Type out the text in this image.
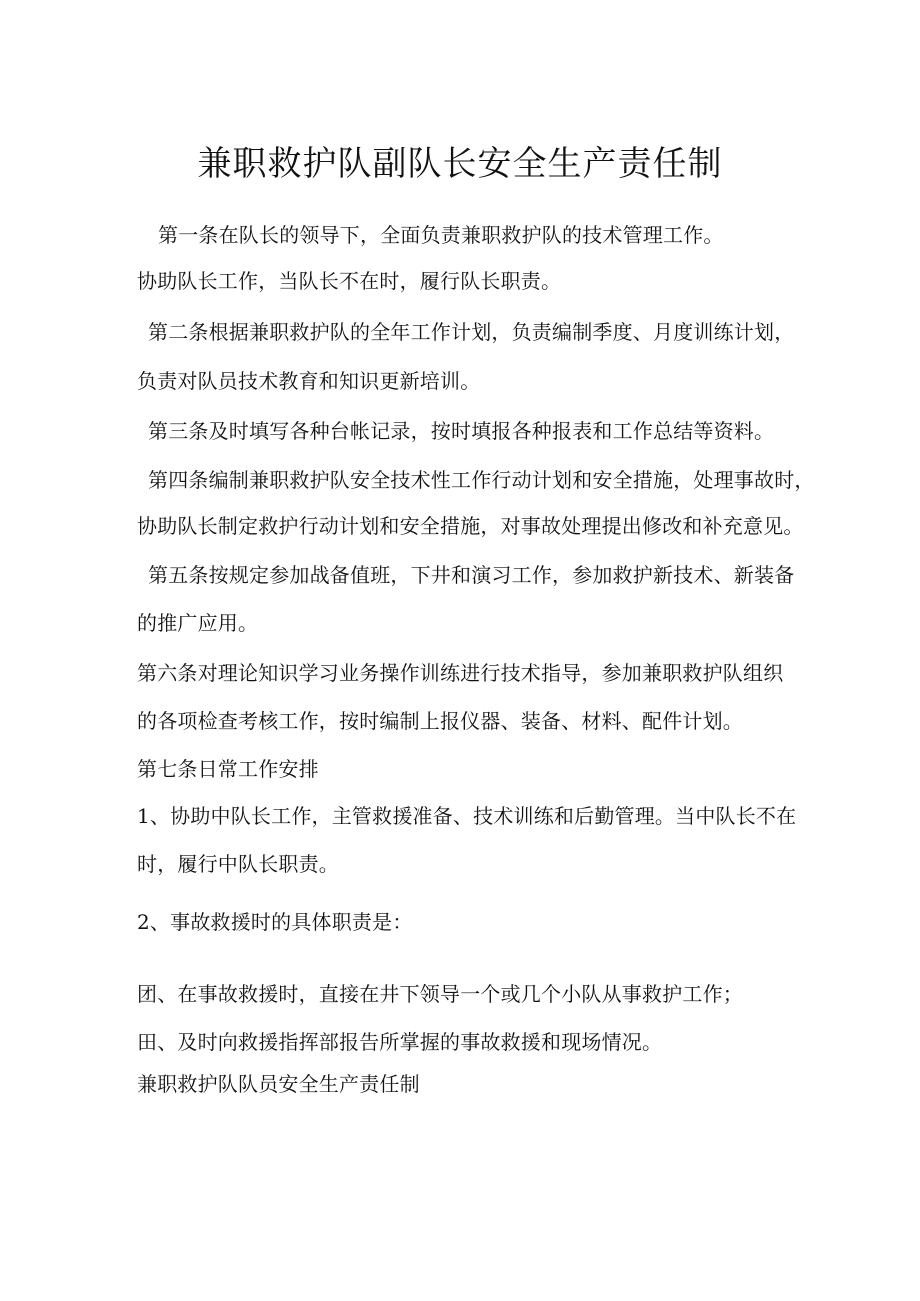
兼职救护队副队长安全生产责任制
第一条在队长的领导下，全面负责兼职救护队的技术管理工作。
协助队长工作，当队长不在时，履行队长职责。
第二条根据兼职救护队的全年工作计划，负责编制季度、月度训练计划，
负责对队员技术教育和知识更新培训。
第三条及时填写各种台帐记录，按时填报各种报表和工作总结等资料。
第四条编制兼职救护队安全技术性工作行动计划和安全措施，处理事故时，
协助队长制定救护行动计划和安全措施，对事故处理提出修改和补充意见。
第五条按规定参加战备值班，下井和演习工作，参加救护新技术、新装备
的推广应用。
第六条对理论知识学习业务操作训练进行技术指导，参加兼职救护队组织
的各项检查考核工作，按时编制上报仪器、装备、材料、配件计划。
第七条日常工作安排
1、协助中队长工作，主管救援准备、技术训练和后勤管理。当中队长不在
时，履行中队长职责。
2、事故救援时的具体职责是：
团、在事故救援时，直接在井下领导一个或几个小队从事救护工作；
田、及时向救援指挥部报告所掌握的事故救援和现场情况。
兼职救护队队员安全生产责任制
